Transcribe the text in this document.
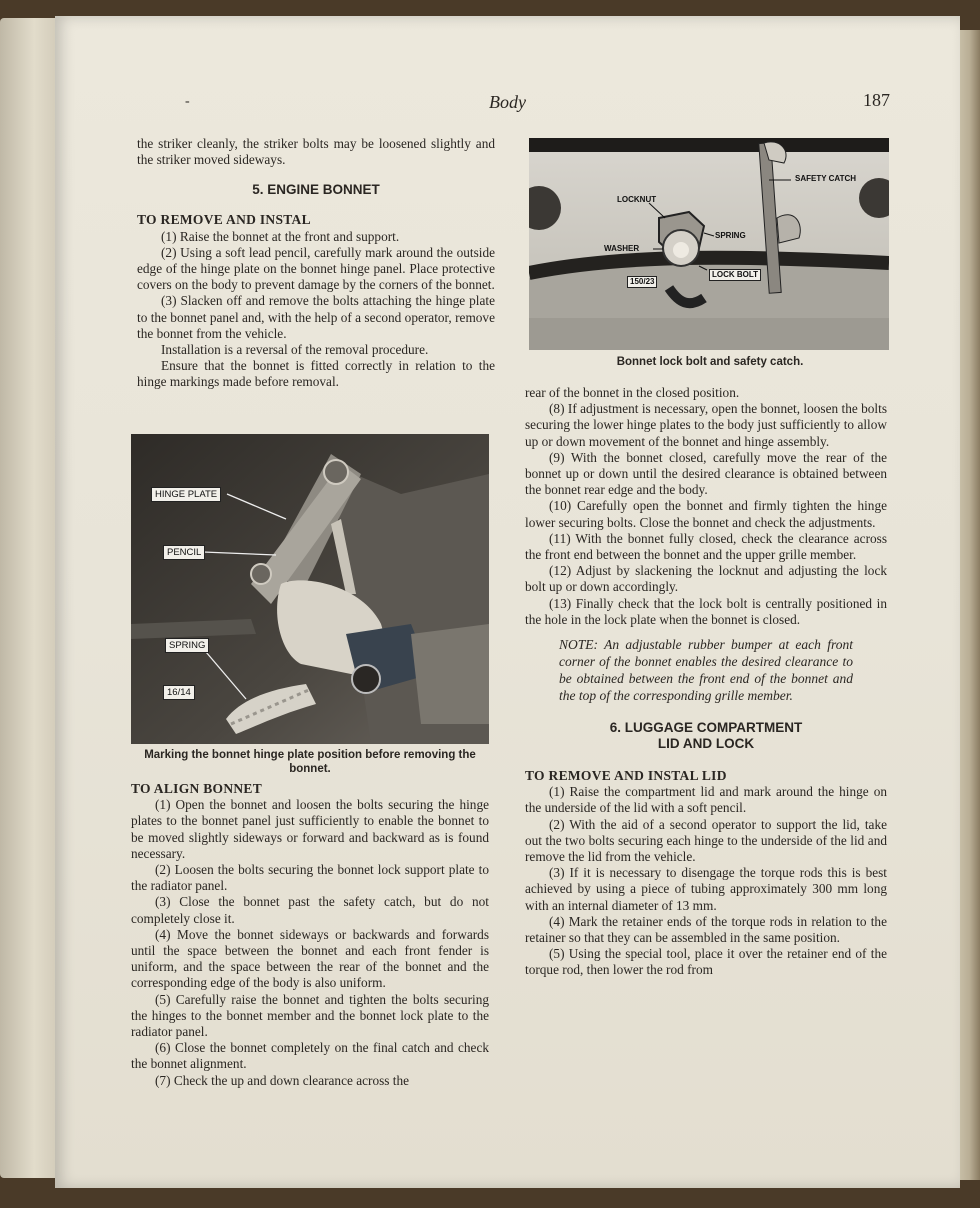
-	Body	187

the striker cleanly, the striker bolts may be loosened slightly and the striker moved sideways.

5. ENGINE BONNET
TO REMOVE AND INSTAL

(1) Raise the bonnet at the front and support.

(2) Using a soft lead pencil, carefully mark around the outside edge of the hinge plate on the bonnet hinge panel. Place protective covers on the body to prevent damage by the corners of the bonnet.

(3) Slacken off and remove the bolts attaching the hinge plate to the bonnet panel and, with the help of a second operator, remove the bonnet from the vehicle.

Installation is a reversal of the removal procedure.

Ensure that the bonnet is fitted correctly in relation to the hinge markings made before removal.

HINGE PLATE
PENCIL
SPRING
16/14
Marking the bonnet hinge plate position before removing the bonnet.
TO ALIGN BONNET

(1) Open the bonnet and loosen the bolts securing the hinge plates to the bonnet panel just sufficiently to enable the bonnet to be moved slightly sideways or forward and backward as is found necessary.

(2) Loosen the bolts securing the bonnet lock support plate to the radiator panel.

(3) Close the bonnet past the safety catch, but do not completely close it.

(4) Move the bonnet sideways or backwards and forwards until the space between the bonnet and each front fender is uniform, and the space between the rear of the bonnet and the corresponding edge of the body is also uniform.

(5) Carefully raise the bonnet and tighten the bolts securing the hinges to the bonnet member and the bonnet lock plate to the radiator panel.

(6) Close the bonnet completely on the final catch and check the bonnet alignment.

(7) Check the up and down clearance across the

LOCKNUT
SAFETY CATCH
SPRING
WASHER
LOCK BOLT
150/23
Bonnet lock bolt and safety catch.

rear of the bonnet in the closed position.

(8) If adjustment is necessary, open the bonnet, loosen the bolts securing the lower hinge plates to the body just sufficiently to allow up or down movement of the bonnet and hinge assembly.

(9) With the bonnet closed, carefully move the rear of the bonnet up or down until the desired clearance is obtained between the bonnet rear edge and the body.

(10) Carefully open the bonnet and firmly tighten the hinge lower securing bolts. Close the bonnet and check the adjustments.

(11) With the bonnet fully closed, check the clearance across the front end between the bonnet and the upper grille member.

(12) Adjust by slackening the locknut and adjusting the lock bolt up or down accordingly.

(13) Finally check that the lock bolt is centrally positioned in the hole in the lock plate when the bonnet is closed.

NOTE: An adjustable rubber bumper at each front corner of the bonnet enables the desired clearance to be obtained between the front end of the bonnet and the top of the corresponding grille member.

6. LUGGAGE COMPARTMENT
LID AND LOCK
TO REMOVE AND INSTAL LID

(1) Raise the compartment lid and mark around the hinge on the underside of the lid with a soft pencil.

(2) With the aid of a second operator to support the lid, take out the two bolts securing each hinge to the underside of the lid and remove the lid from the vehicle.

(3) If it is necessary to disengage the torque rods this is best achieved by using a piece of tubing approximately 300 mm long with an internal diameter of 13 mm.

(4) Mark the retainer ends of the torque rods in relation to the retainer so that they can be assembled in the same position.

(5) Using the special tool, place it over the retainer end of the torque rod, then lower the rod from
